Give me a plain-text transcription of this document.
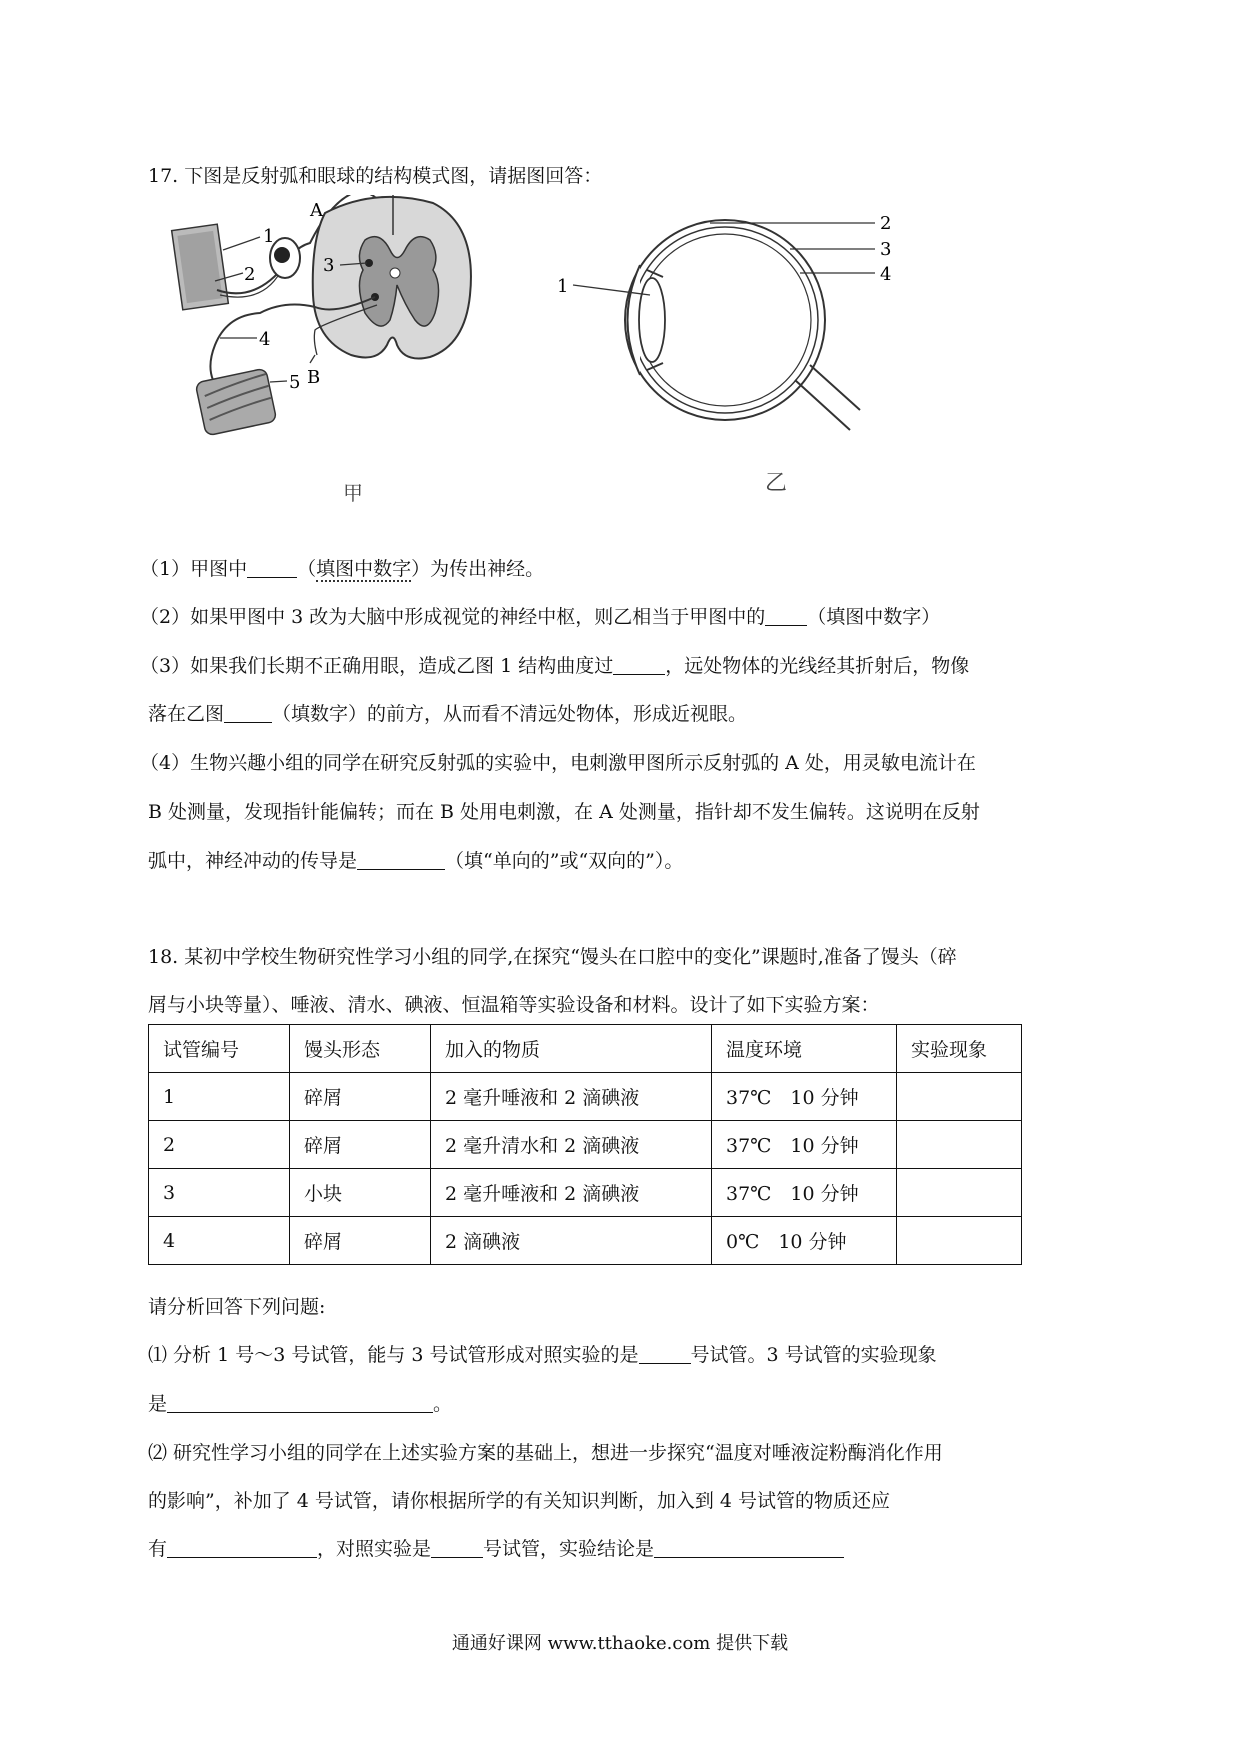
17. 下图是反射弧和眼球的结构模式图，请据图回答：
A
1
2	3
4
5 B
甲
2
3
4
1
乙
（1）甲图中	（填图中数字）为传出神经。
（2）如果甲图中 3 改为大脑中形成视觉的神经中枢，则乙相当于甲图中的 （填图中数字）
（3）如果我们长期不正确用眼，造成乙图 1 结构曲度过	，远处物体的光线经其折射后，物像
落在乙图	（填数字）的前方，从而看不清远处物体，形成近视眼。
（4）生物兴趣小组的同学在研究反射弧的实验中，电刺激甲图所示反射弧的 A 处，用灵敏电流计在
B 处测量，发现指针能偏转；而在 B 处用电刺激，在 A 处测量，指针却不发生偏转。这说明在反射
弧中，神经冲动的传导是	（填“单向的”或“双向的”）。
18. 某初中学校生物研究性学习小组的同学,在探究“馒头在口腔中的变化”课题时,准备了馒头（碎
屑与小块等量）、唾液、清水、碘液、恒温箱等实验设备和材料。设计了如下实验方案：
试管编号	馒头形态	加入的物质	温度环境	实验现象
1	碎屑	2 毫升唾液和 2 滴碘液	37℃　10 分钟	
2	碎屑	2 毫升清水和 2 滴碘液	37℃　10 分钟	
3	小块	2 毫升唾液和 2 滴碘液	37℃　10 分钟	
4	碎屑	2 滴碘液	0℃　10 分钟	
请分析回答下列问题:
⑴ 分析 1 号～3 号试管，能与 3 号试管形成对照实验的是	号试管。3 号试管的实验现象
是	。
⑵ 研究性学习小组的同学在上述实验方案的基础上，想进一步探究“温度对唾液淀粉酶消化作用
的影响”，补加了 4 号试管，请你根据所学的有关知识判断，加入到 4 号试管的物质还应
有	，对照实验是	号试管，实验结论是
通通好课网 www.tthaoke.com 提供下载
